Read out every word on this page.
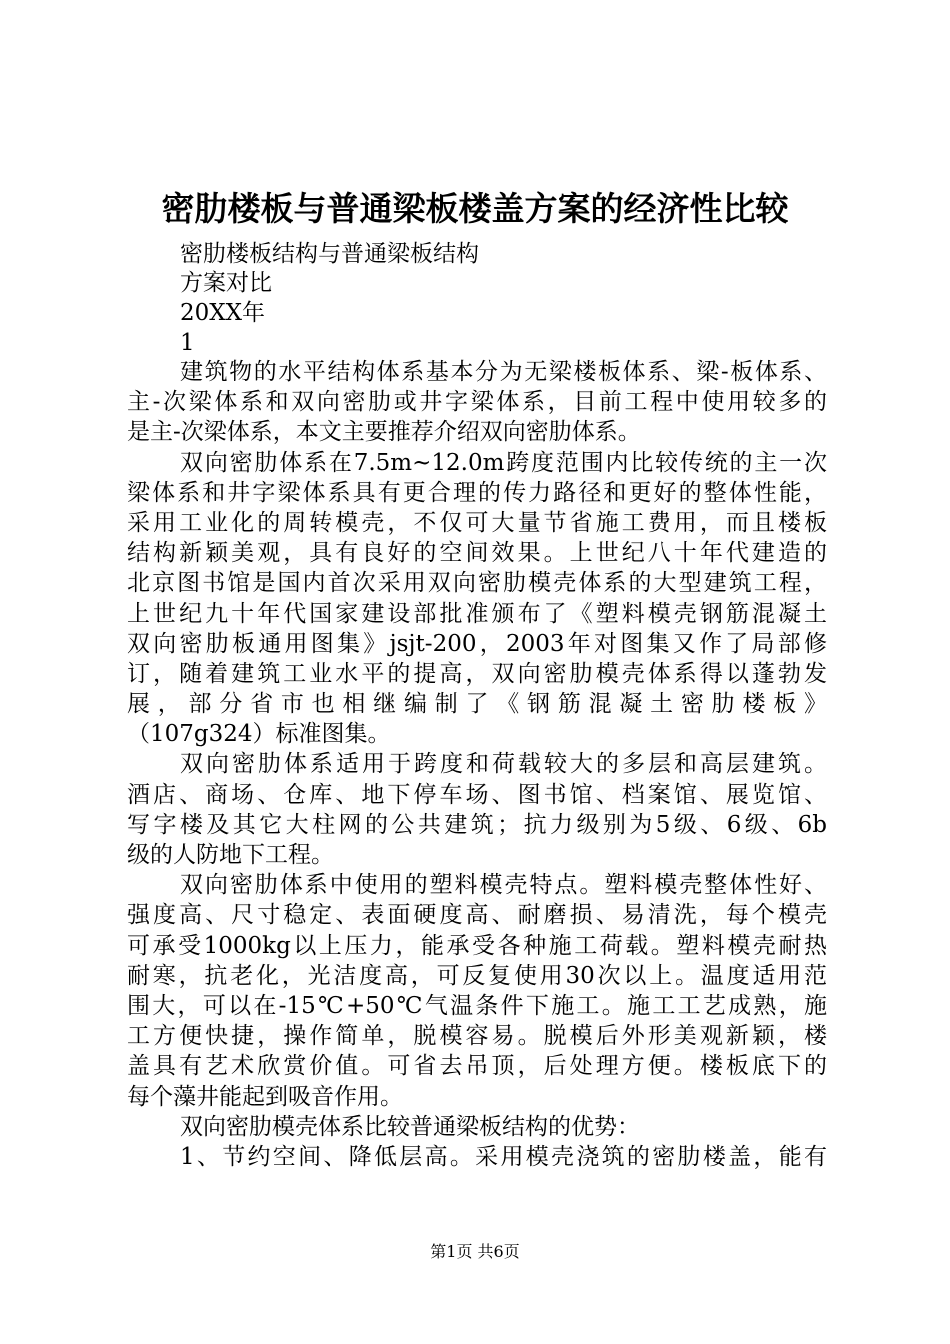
密肋楼板与普通梁板楼盖方案的经济性比较
密肋楼板结构与普通梁板结构
方案对比
20XX年
1
建筑物的水平结构体系基本分为无梁楼板体系、梁-板体系、
主-次梁体系和双向密肋或井字梁体系，目前工程中使用较多的
是主-次梁体系，本文主要推荐介绍双向密肋体系。
双向密肋体系在7.5m~12.0m跨度范围内比较传统的主一次
梁体系和井字梁体系具有更合理的传力路径和更好的整体性能，
采用工业化的周转模壳，不仅可大量节省施工费用，而且楼板
结构新颖美观，具有良好的空间效果。上世纪八十年代建造的
北京图书馆是国内首次采用双向密肋模壳体系的大型建筑工程，
上世纪九十年代国家建设部批准颁布了《塑料模壳钢筋混凝土
双向密肋板通用图集》jsjt-200，2003年对图集又作了局部修
订，随着建筑工业水平的提高，双向密肋模壳体系得以蓬勃发
展，部分省市也相继编制了《钢筋混凝土密肋楼板》
（107g324）标准图集。
双向密肋体系适用于跨度和荷载较大的多层和高层建筑。
酒店、商场、仓库、地下停车场、图书馆、档案馆、展览馆、
写字楼及其它大柱网的公共建筑；抗力级别为5级、6级、6b
级的人防地下工程。
双向密肋体系中使用的塑料模壳特点。塑料模壳整体性好、
强度高、尺寸稳定、表面硬度高、耐磨损、易清洗，每个模壳
可承受1000kg以上压力，能承受各种施工荷载。塑料模壳耐热
耐寒，抗老化，光洁度高，可反复使用30次以上。温度适用范
围大，可以在-15℃+50℃气温条件下施工。施工工艺成熟，施
工方便快捷，操作简单，脱模容易。脱模后外形美观新颖，楼
盖具有艺术欣赏价值。可省去吊顶，后处理方便。楼板底下的
每个藻井能起到吸音作用。
双向密肋模壳体系比较普通梁板结构的优势：
1、节约空间、降低层高。采用模壳浇筑的密肋楼盖，能有
第1页 共6页
